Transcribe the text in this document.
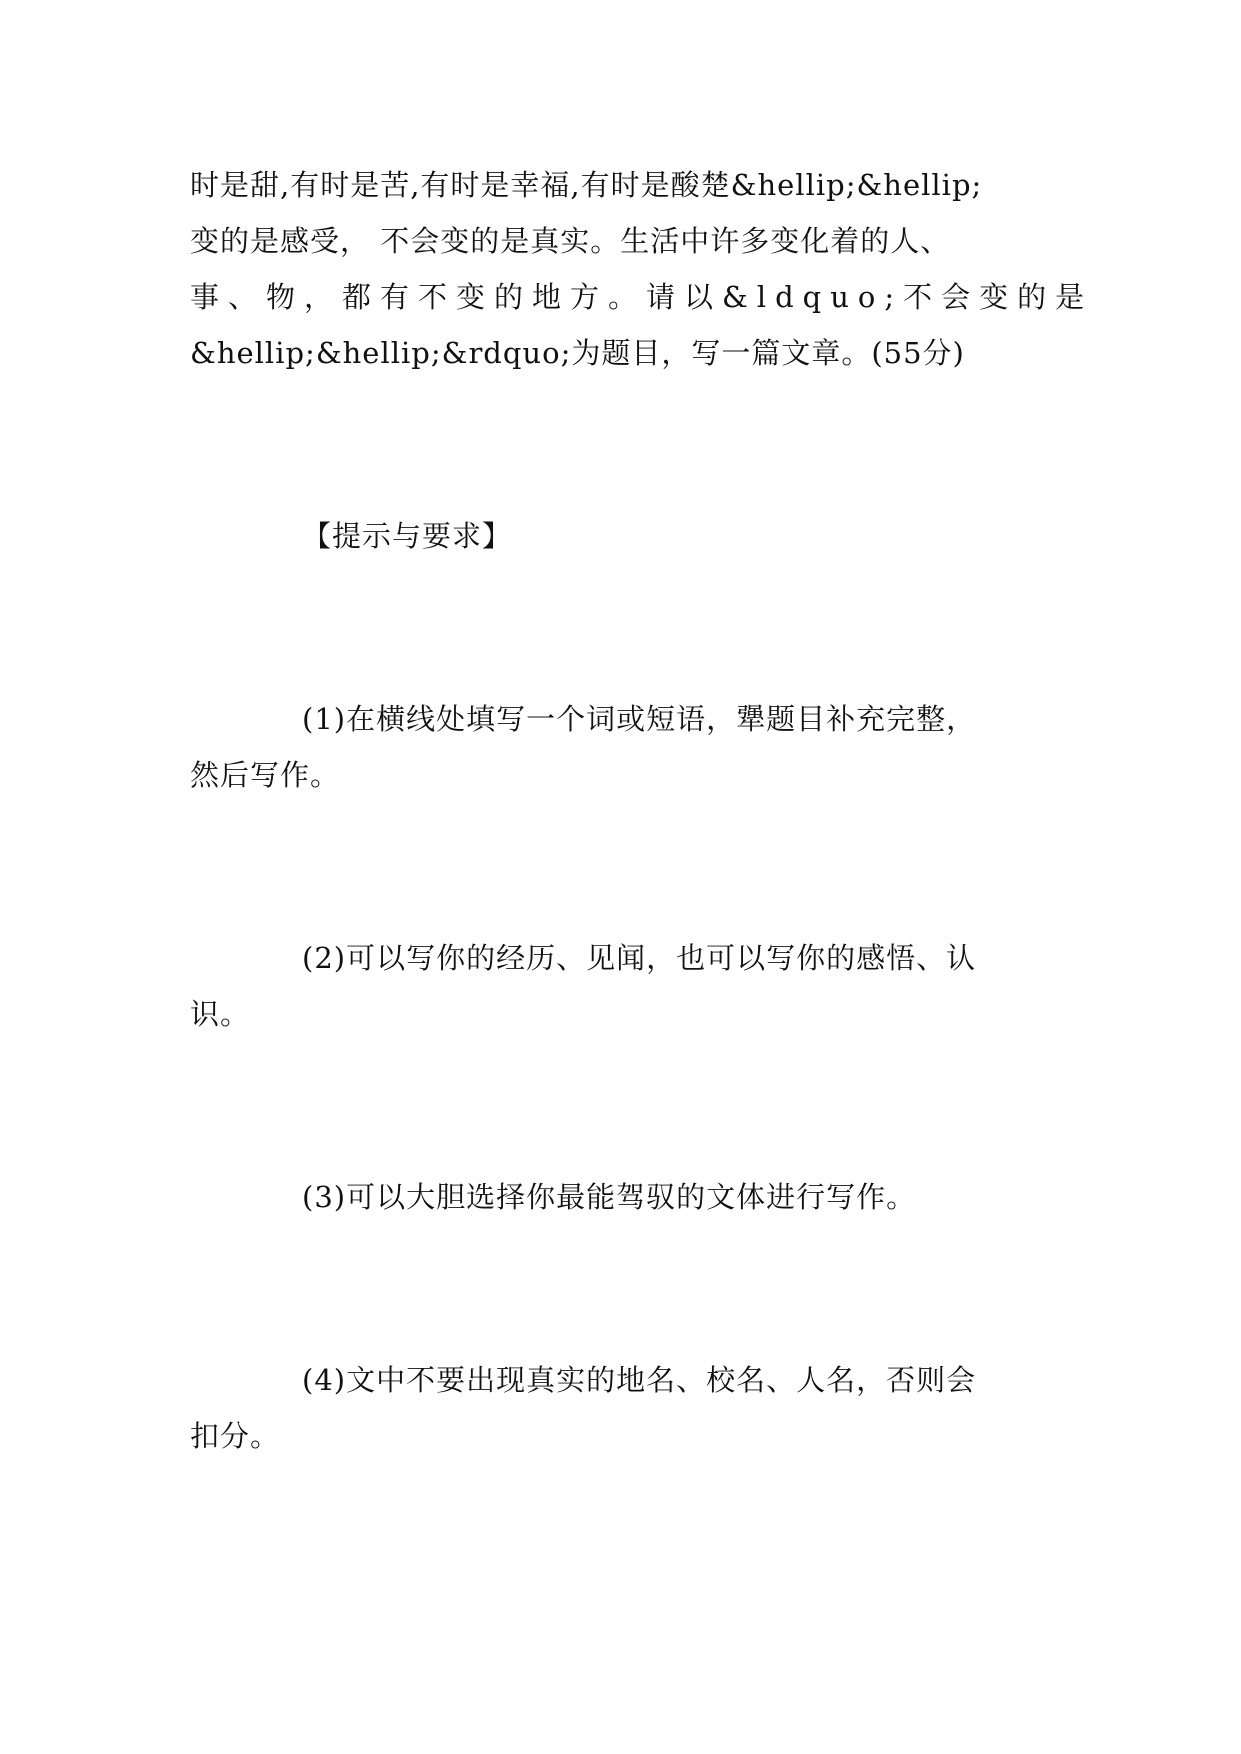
时是甜,有时是苦,有时是幸福,有时是酸楚&hellip;&hellip;
变的是感受， 不会变的是真实。生活中许多变化着的人、
事、物，都有不变的地方。请以&ldquo;不会变的是
&hellip;&hellip;&rdquo;为题目，写一篇文章。(55分)
【提示与要求】
(1)在横线处填写一个词或短语，犟题目补充完整，
然后写作。
(2)可以写你的经历、见闻，也可以写你的感悟、认
识。
(3)可以大胆选择你最能驾驭的文体进行写作。
(4)文中不要出现真实的地名、校名、人名，否则会
扣分。
